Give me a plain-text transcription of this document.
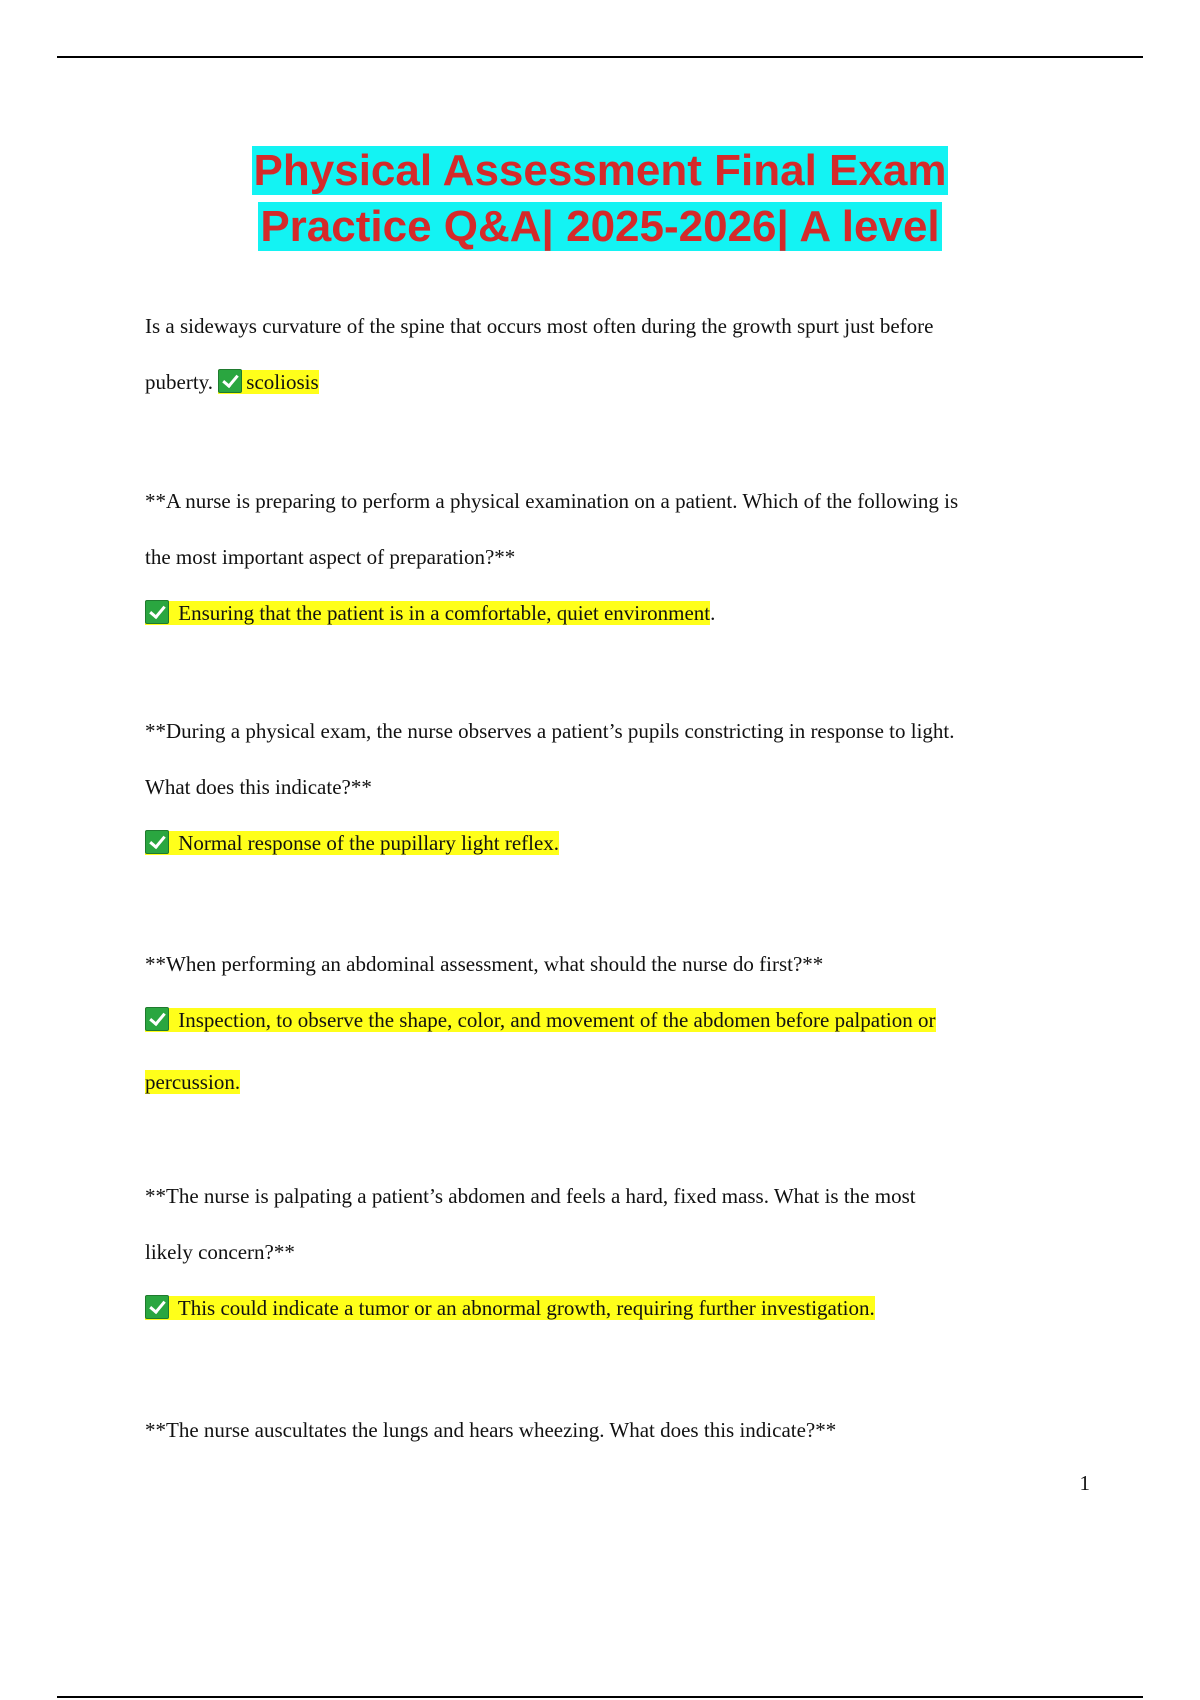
Physical Assessment Final Exam
Practice Q&A| 2025-2026| A level
Is a sideways curvature of the spine that occurs most often during the growth spurt just before
puberty. scoliosis
**A nurse is preparing to perform a physical examination on a patient. Which of the following is
the most important aspect of preparation?**
Ensuring that the patient is in a comfortable, quiet environment.
**During a physical exam, the nurse observes a patient’s pupils constricting in response to light.
What does this indicate?**
Normal response of the pupillary light reflex.
**When performing an abdominal assessment, what should the nurse do first?**
Inspection, to observe the shape, color, and movement of the abdomen before palpation or
percussion.
**The nurse is palpating a patient’s abdomen and feels a hard, fixed mass. What is the most
likely concern?**
This could indicate a tumor or an abnormal growth, requiring further investigation.
**The nurse auscultates the lungs and hears wheezing. What does this indicate?**
1
